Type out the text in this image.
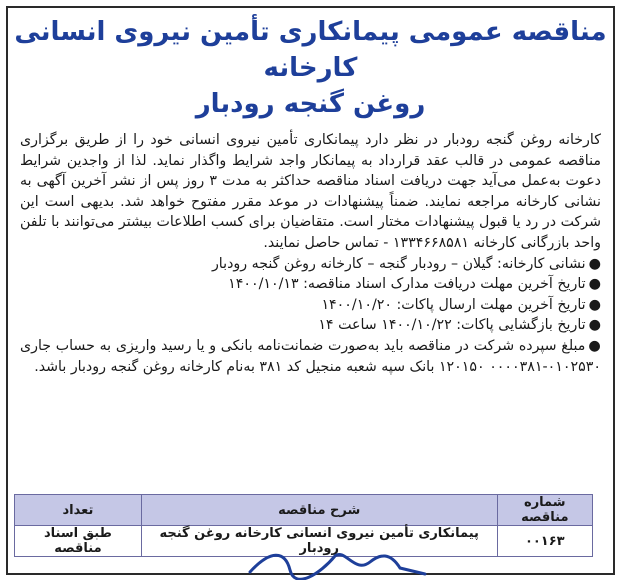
مناقصه عمومی پیمانکاری تأمین نیروی انسانی کارخانه
روغن گنجه رودبار

کارخانه روغن گنجه رودبار در نظر دارد پیمانکاری تأمین نیروی انسانی خود را از طریق برگزاری مناقصه عمومی در قالب عقد قرارداد به پیمانکار واجد شرایط واگذار نماید. لذا از واجدین شرایط دعوت به‌عمل می‌آید جهت دریافت اسناد مناقصه حداکثر به مدت ۳ روز پس از نشر آخرین آگهی به نشانی کارخانه مراجعه نمایند. ضمناً پیشنهادات در موعد مقرر مفتوح خواهد شد. بدیهی است این شرکت در رد یا قبول پیشنهادات مختار است. متقاضیان برای کسب اطلاعات بیشتر می‌توانند با تلفن واحد بازرگانی کارخانه ۱۳۳۴۶۶۸۵۸۱ - تماس حاصل نمایند.

●نشانی کارخانه: گیلان – رودبار گنجه – کارخانه روغن گنجه رودبار
●تاریخ آخرین مهلت دریافت مدارک اسناد مناقصه: ۱۴۰۰/۱۰/۱۳
●تاریخ آخرین مهلت ارسال پاکات: ۱۴۰۰/۱۰/۲۰
●تاریخ بازگشایی پاکات: ۱۴۰۰/۱۰/۲۲ ساعت ۱۴
●مبلغ سپرده شرکت در مناقصه باید به‌صورت ضمانت‌نامه بانکی و یا رسید واریزی به حساب جاری ۰۱۰۲۵۳۰-۰۰۰۰۳۸۱ ۱۲۰۱۵۰ بانک سپه شعبه منجیل کد ۳۸۱ به‌نام کارخانه روغن گنجه رودبار باشد.
شماره مناقصه	شرح مناقصه	تعداد
۰۰۱۶۳	پیمانکاری تأمین نیروی انسانی کارخانه روغن گنجه رودبار	طبق اسناد مناقصه
